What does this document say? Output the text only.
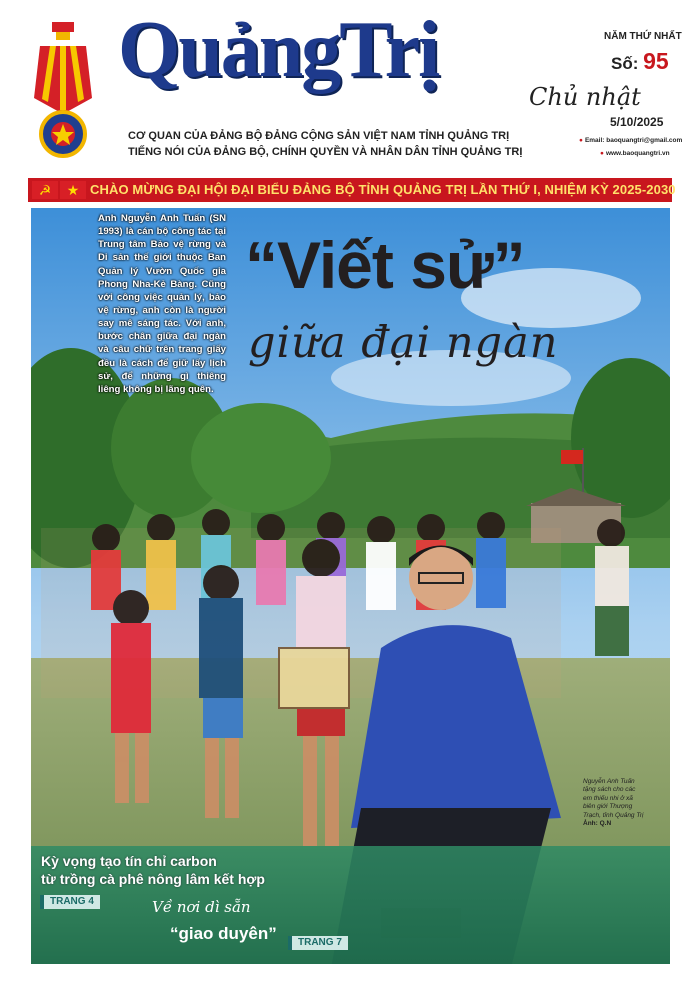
QuảngTrị	NĂM THỨ NHẤT
Số: 95
Chủ nhật
5/10/2025
CƠ QUAN CỦA ĐẢNG BỘ ĐẢNG CỘNG SẢN VIỆT NAM TỈNH QUẢNG TRỊ
TIẾNG NÓI CỦA ĐẢNG BỘ, CHÍNH QUYỀN VÀ NHÂN DÂN TỈNH QUẢNG TRỊ
● Email: baoquangtri@gmail.com
● www.baoquangtri.vn
☭	★ CHÀO MỪNG ĐẠI HỘI ĐẠI BIỂU ĐẢNG BỘ TỈNH QUẢNG TRỊ LẦN THỨ I, NHIỆM KỲ 2025-2030
Anh Nguyễn Anh Tuấn (SN 1993) là cán bộ công tác tại Trung tâm Bảo vệ rừng và Di sản thế giới thuộc Ban Quản lý Vườn Quốc gia Phong Nha-Kẻ Bàng. Cũng với công việc quản lý, bảo vệ rừng, anh còn là người say mê sáng tác. Với anh, bước chân giữa đại ngàn và câu chữ trên trang giấy đều là cách để giữ lấy lịch sử, để những gì thiêng liêng không bị lãng quên.
“Viết sử”
giữa đại ngàn
Nguyễn Anh Tuấn tặng sách cho các em thiếu nhi ở xã biên giới Thượng Trạch, tỉnh Quảng Trị Ảnh: Q.N
Kỳ vọng tạo tín chỉ carbon
từ trồng cà phê nông lâm kết hợp
TRANG 4	Về nơi dì sẵn
“giao duyên”	TRANG 7
